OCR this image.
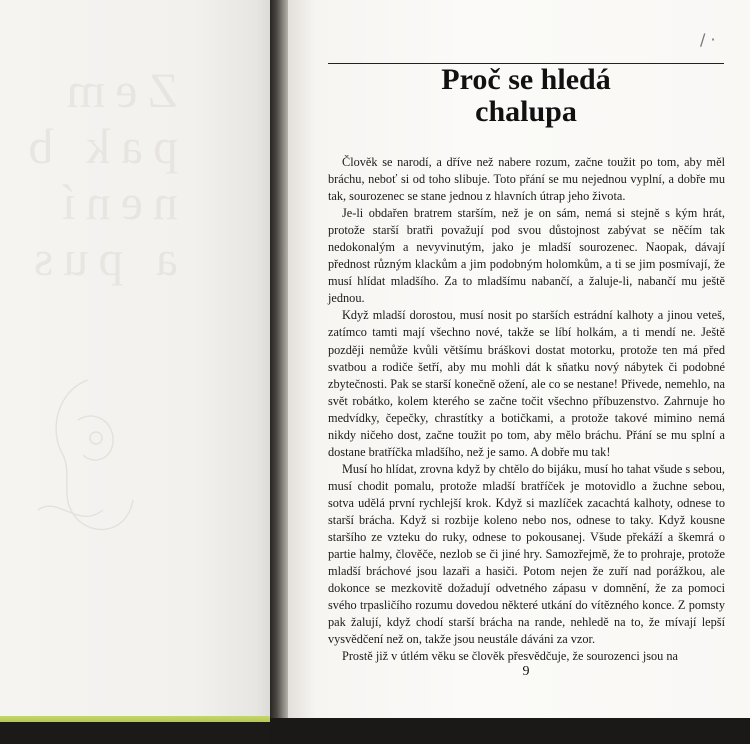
Zem
pak b
není
a pus
/ ·
Proč se hledá
chalupa

Člověk se narodí, a dříve než nabere rozum, začne toužit po tom, aby měl bráchu, neboť si od toho slibuje. Toto přání se mu nejednou vyplní, a dobře mu tak, sourozenec se stane jednou z hlavních útrap jeho života.

Je-li obdařen bratrem starším, než je on sám, nemá si stejně s kým hrát, protože starší bratři považují pod svou důstojnost zabývat se něčím tak nedokonalým a nevyvinutým, jako je mladší sourozenec. Naopak, dávají přednost různým klackům a jim podobným holomkům, a ti se jim posmívají, že musí hlídat mladšího. Za to mladšímu nabančí, a žaluje-li, nabančí mu ještě jednou.

Když mladší dorostou, musí nosit po starších estrádní kalhoty a jinou veteš, zatímco tamti mají všechno nové, takže se líbí holkám, a ti mendí ne. Ještě později nemůže kvůli většímu bráškovi dostat motorku, protože ten má před svatbou a rodiče šetří, aby mu mohli dát k sňatku nový nábytek či podobné zbytečnosti. Pak se starší konečně ožení, ale co se nestane! Přivede, nemehlo, na svět robátko, kolem kterého se začne točit všechno příbuzenstvo. Zahrnuje ho medvídky, čepečky, chrastítky a botičkami, a protože takové mimino nemá nikdy ničeho dost, začne toužit po tom, aby mělo bráchu. Přání se mu splní a dostane bratříčka mladšího, než je samo. A dobře mu tak!

Musí ho hlídat, zrovna když by chtělo do bijáku, musí ho tahat všude s sebou, musí chodit pomalu, protože mladší bratříček je motovidlo a žuchne sebou, sotva udělá první rychlejší krok. Když si mazlíček zacachtá kalhoty, odnese to starší brácha. Když si rozbije koleno nebo nos, odnese to taky. Když kousne staršího ze vzteku do ruky, odnese to pokousanej. Všude překáží a škemrá o partie halmy, člověče, nezlob se či jiné hry. Samozřejmě, že to prohraje, protože mladší bráchové jsou lazaři a hasiči. Potom nejen že zuří nad porážkou, ale dokonce se mezkovitě dožadují odvetného zápasu v domnění, že za pomoci svého trpasličího rozumu dovedou některé utkání do vítězného konce. Z pomsty pak žalují, když chodí starší brácha na rande, nehledě na to, že mívají lepší vysvědčení než on, takže jsou neustále dáváni za vzor.

Prostě již v útlém věku se člověk přesvědčuje, že sourozenci jsou na

9
